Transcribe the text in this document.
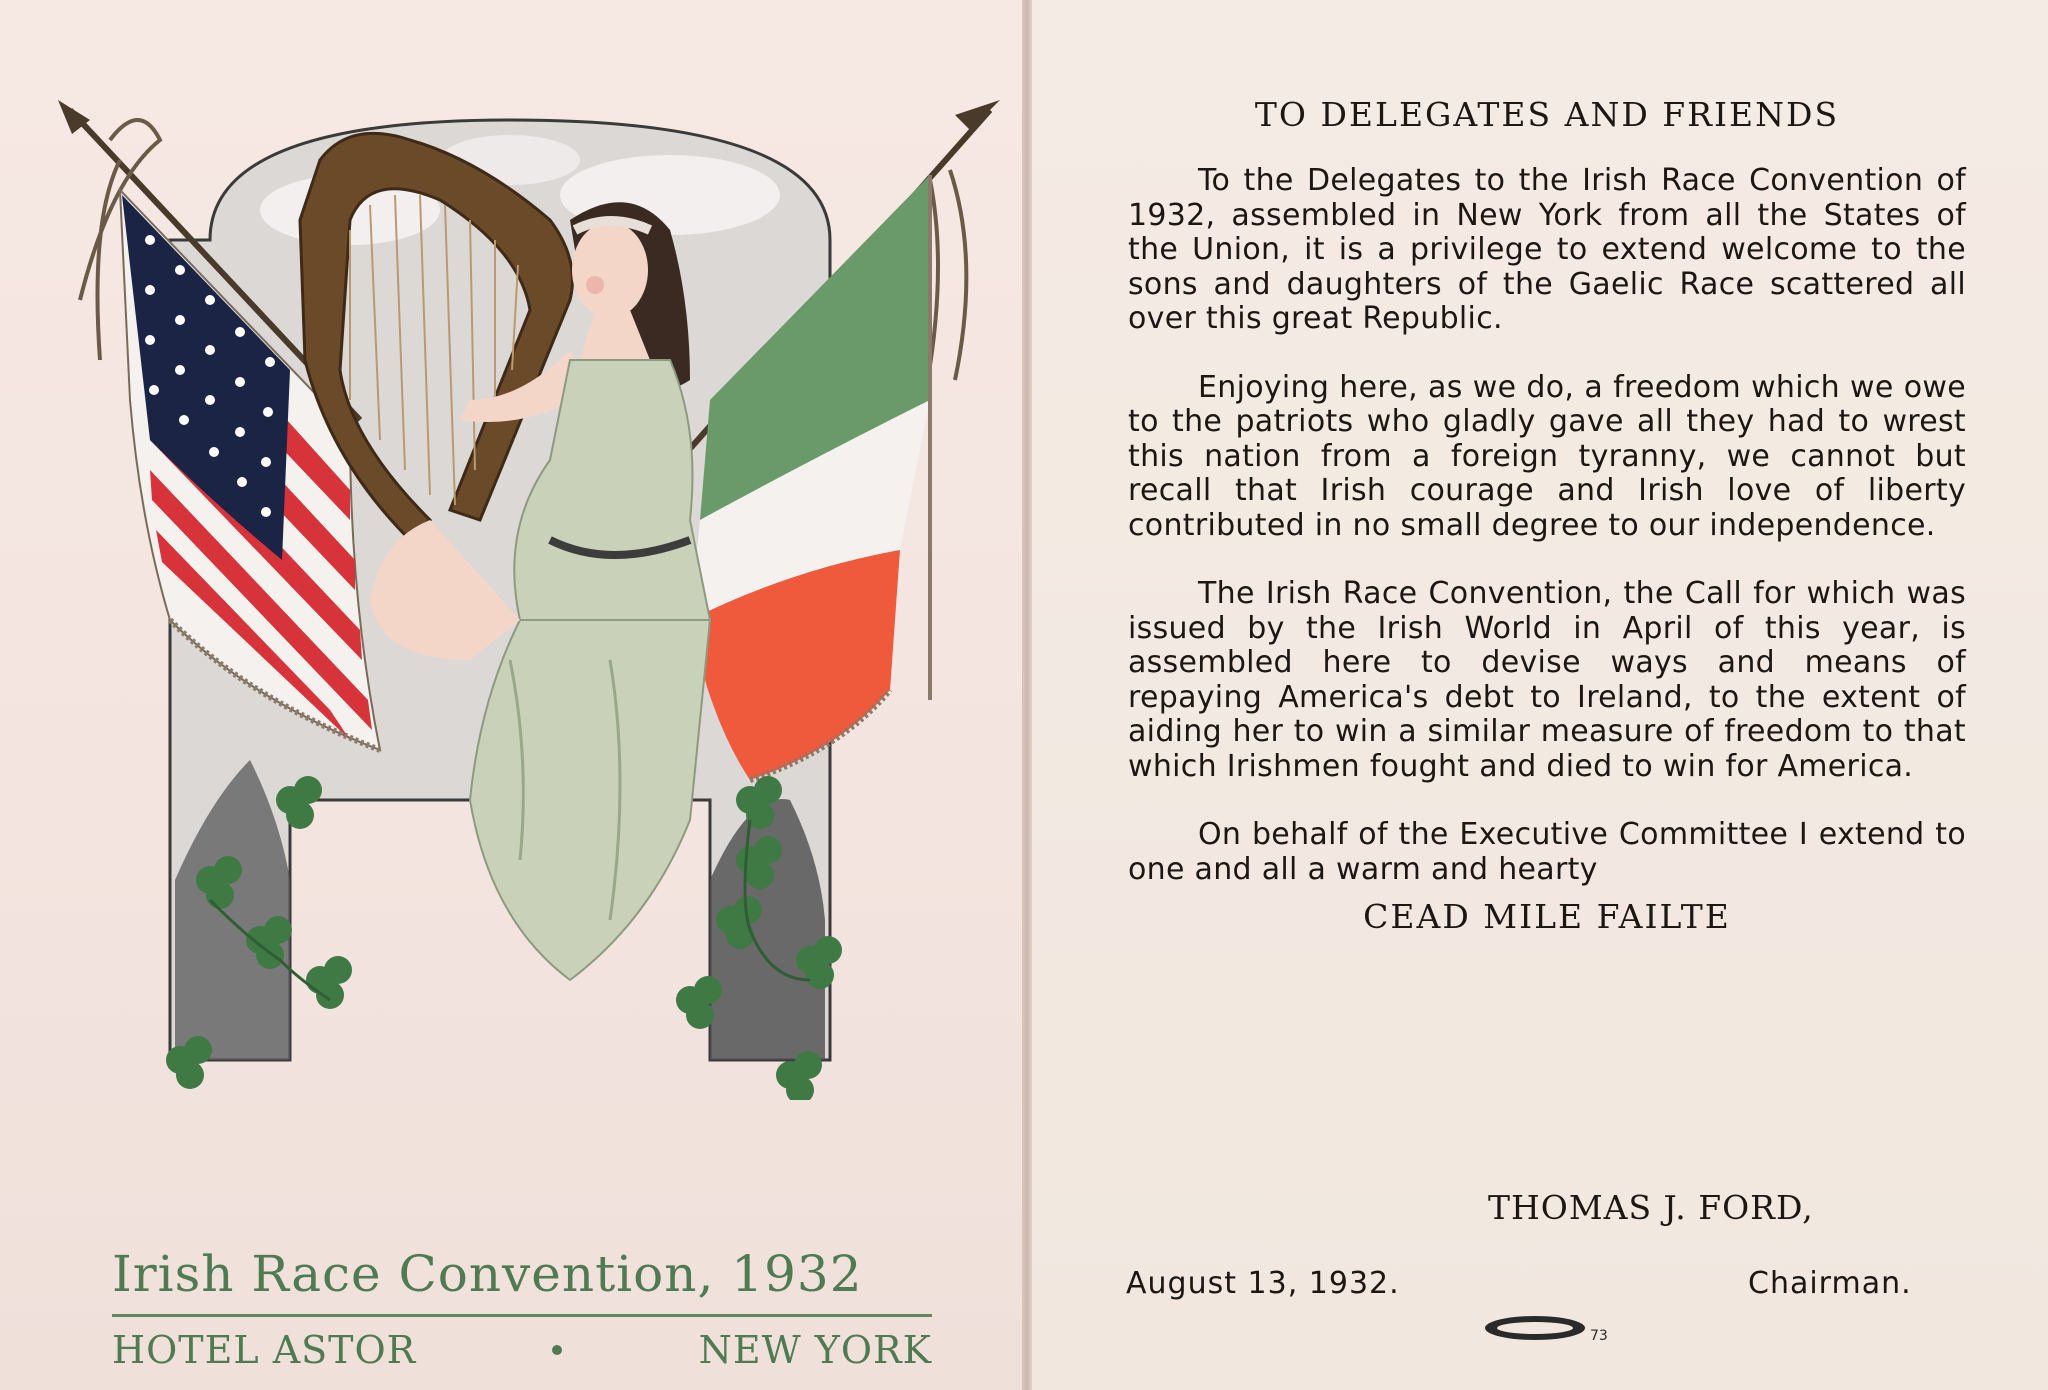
Irish Race Convention, 1932
HOTEL ASTOR	NEW YORK
TO DELEGATES AND FRIENDS

To the Delegates to the Irish Race Convention of 1932, assembled in New York from all the States of the Union, it is a privilege to extend welcome to the sons and daughters of the Gaelic Race scattered all over this great Republic.

Enjoying here, as we do, a freedom which we owe to the patriots who gladly gave all they had to wrest this nation from a foreign tyranny, we cannot but recall that Irish courage and Irish love of liberty contributed in no small degree to our independence.

The Irish Race Convention, the Call for which was issued by the Irish World in April of this year, is assembled here to devise ways and means of repaying America's debt to Ireland, to the extent of aiding her to win a similar measure of freedom to that which Irishmen fought and died to win for America.

On behalf of the Executive Committee I extend to one and all a warm and hearty

CEAD MILE FAILTE
THOMAS J. FORD,
August 13, 1932.	Chairman.
73
